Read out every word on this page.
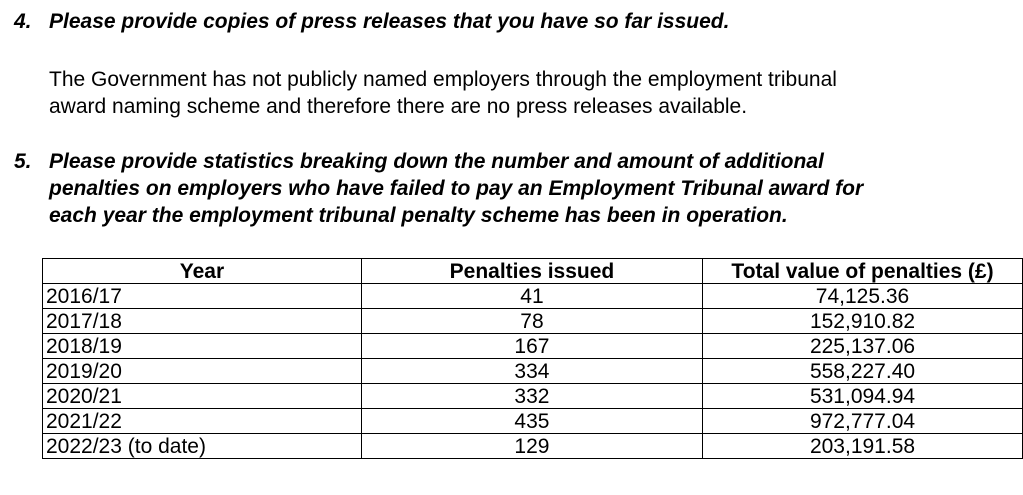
4. Please provide copies of press releases that you have so far issued.
The Government has not publicly named employers through the employment tribunal
award naming scheme and therefore there are no press releases available.
5. Please provide statistics breaking down the number and amount of additional
penalties on employers who have failed to pay an Employment Tribunal award for
each year the employment tribunal penalty scheme has been in operation.
Year	Penalties issued	Total value of penalties (£)
2016/17	41	74,125.36
2017/18	78	152,910.82
2018/19	167	225,137.06
2019/20	334	558,227.40
2020/21	332	531,094.94
2021/22	435	972,777.04
2022/23 (to date)	129	203,191.58
